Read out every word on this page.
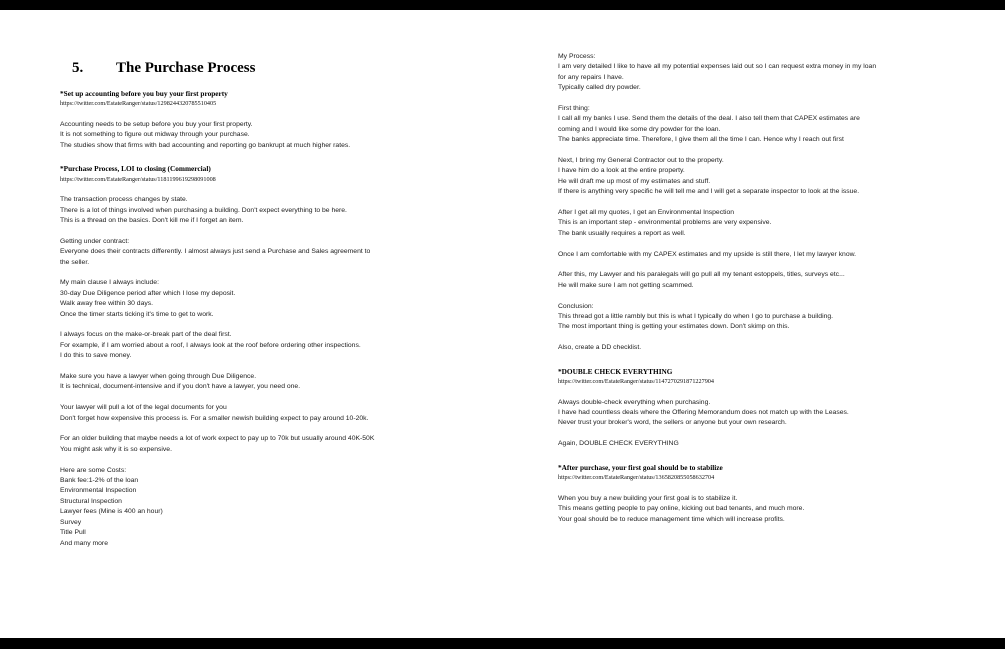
5. The Purchase Process
*Set up accounting before you buy your first property
https://twitter.com/EstateRanger/status/1298244320785510405
Accounting needs to be setup before you buy your first property.
It is not something to figure out midway through your purchase.
The studies show that firms with bad accounting and reporting go bankrupt at much higher rates.
*Purchase Process, LOI to closing (Commercial)
https://twitter.com/EstateRanger/status/1181199619298091008
The transaction process changes by state.
There is a lot of things involved when purchasing a building. Don't expect everything to be here.
This is a thread on the basics. Don't kill me if I forget an item.
Getting under contract:
Everyone does their contracts differently. I almost always just send a Purchase and Sales agreement to
the seller.
My main clause I always include:
30-day Due Diligence period after which I lose my deposit.
Walk away free within 30 days.
Once the timer starts ticking it's time to get to work.
I always focus on the make-or-break part of the deal first.
For example, if I am worried about a roof, I always look at the roof before ordering other inspections.
I do this to save money.
Make sure you have a lawyer when going through Due Diligence.
It is technical, document-intensive and if you don't have a lawyer, you need one.
Your lawyer will pull a lot of the legal documents for you
Don't forget how expensive this process is. For a smaller newish building expect to pay around 10-20k.
For an older building that maybe needs a lot of work expect to pay up to 70k but usually around 40K-50K
You might ask why it is so expensive.
Here are some Costs:
Bank fee:1-2% of the loan
Environmental Inspection
Structural Inspection
Lawyer fees (Mine is 400 an hour)
Survey
Title Pull
And many more
My Process:
I am very detailed I like to have all my potential expenses laid out so I can request extra money in my loan
for any repairs I have.
Typically called dry powder.
First thing:
I call all my banks I use. Send them the details of the deal. I also tell them that CAPEX estimates are
coming and I would like some dry powder for the loan.
The banks appreciate time. Therefore, I give them all the time I can. Hence why I reach out first
Next, I bring my General Contractor out to the property.
I have him do a look at the entire property.
He will draft me up most of my estimates and stuff.
If there is anything very specific he will tell me and I will get a separate inspector to look at the issue.
After I get all my quotes, I get an Environmental Inspection
This is an important step - environmental problems are very expensive.
The bank usually requires a report as well.
Once I am comfortable with my CAPEX estimates and my upside is still there, I let my lawyer know.
After this, my Lawyer and his paralegals will go pull all my tenant estoppels, titles, surveys etc...
He will make sure I am not getting scammed.
Conclusion:
This thread got a little rambly but this is what I typically do when I go to purchase a building.
The most important thing is getting your estimates down. Don't skimp on this.
Also, create a DD checklist.
*DOUBLE CHECK EVERYTHING
https://twitter.com/EstateRanger/status/1147270291871227904
Always double-check everything when purchasing.
I have had countless deals where the Offering Memorandum does not match up with the Leases.
Never trust your broker's word, the sellers or anyone but your own research.
Again, DOUBLE CHECK EVERYTHING
*After purchase, your first goal should be to stabilize
https://twitter.com/EstateRanger/status/1365820855058632704
When you buy a new building your first goal is to stabilize it.
This means getting people to pay online, kicking out bad tenants, and much more.
Your goal should be to reduce management time which will increase profits.
